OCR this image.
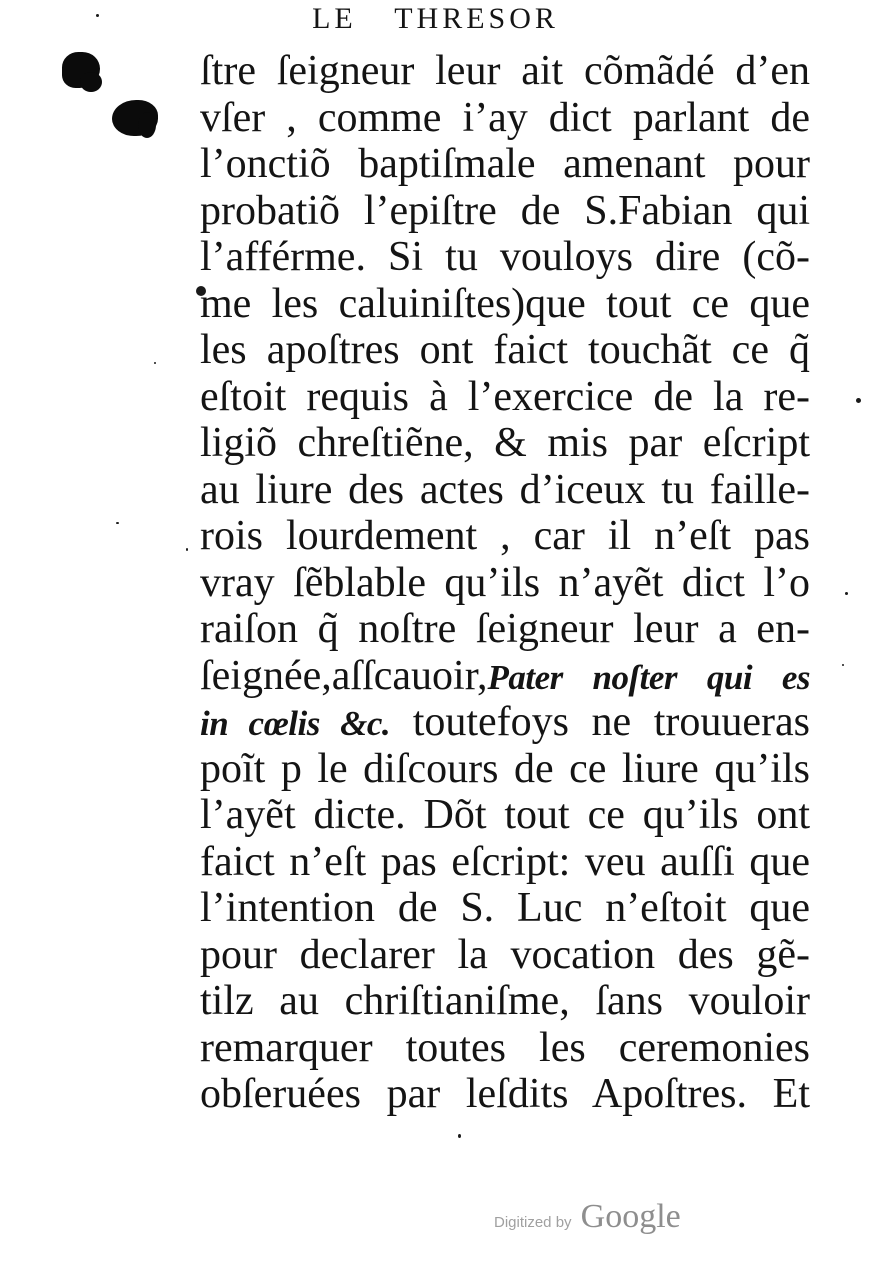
LE THRESOR
ſtre ſeigneur leur ait cõmãdé d’en
vſer , comme i’ay dict parlant de
l’onctiõ baptiſmale amenant pour
probatiõ l’epiſtre de S.Fabian qui
l’afférme. Si tu vouloys dire (cõ-
me les caluiniſtes)que tout ce que
les apoſtres ont faict touchãt ce q̃
eſtoit requis à l’exercice de la re-
ligiõ chreſtiẽne, & mis par eſcript
au liure des actes d’iceux tu faille-
rois lourdement , car il n’eſt pas
vray ſẽblable qu’ils n’ayẽt dict l’o
raiſon q̃ noſtre ſeigneur leur a en-
ſeignée,aſſcauoir,Pater noſter qui es
in cœlis &c. toutefoys ne trouueras
poĩt p le diſcours de ce liure qu’ils
l’ayẽt dicte. Dõt tout ce qu’ils ont
faict n’eſt pas eſcript: veu auſſi que
l’intention de S. Luc n’eſtoit que
pour declarer la vocation des gẽ-
tilz au chriſtianiſme, ſans vouloir
remarquer toutes les ceremonies
obſeruées par leſdits Apoſtres. Et
Digitized by Google
